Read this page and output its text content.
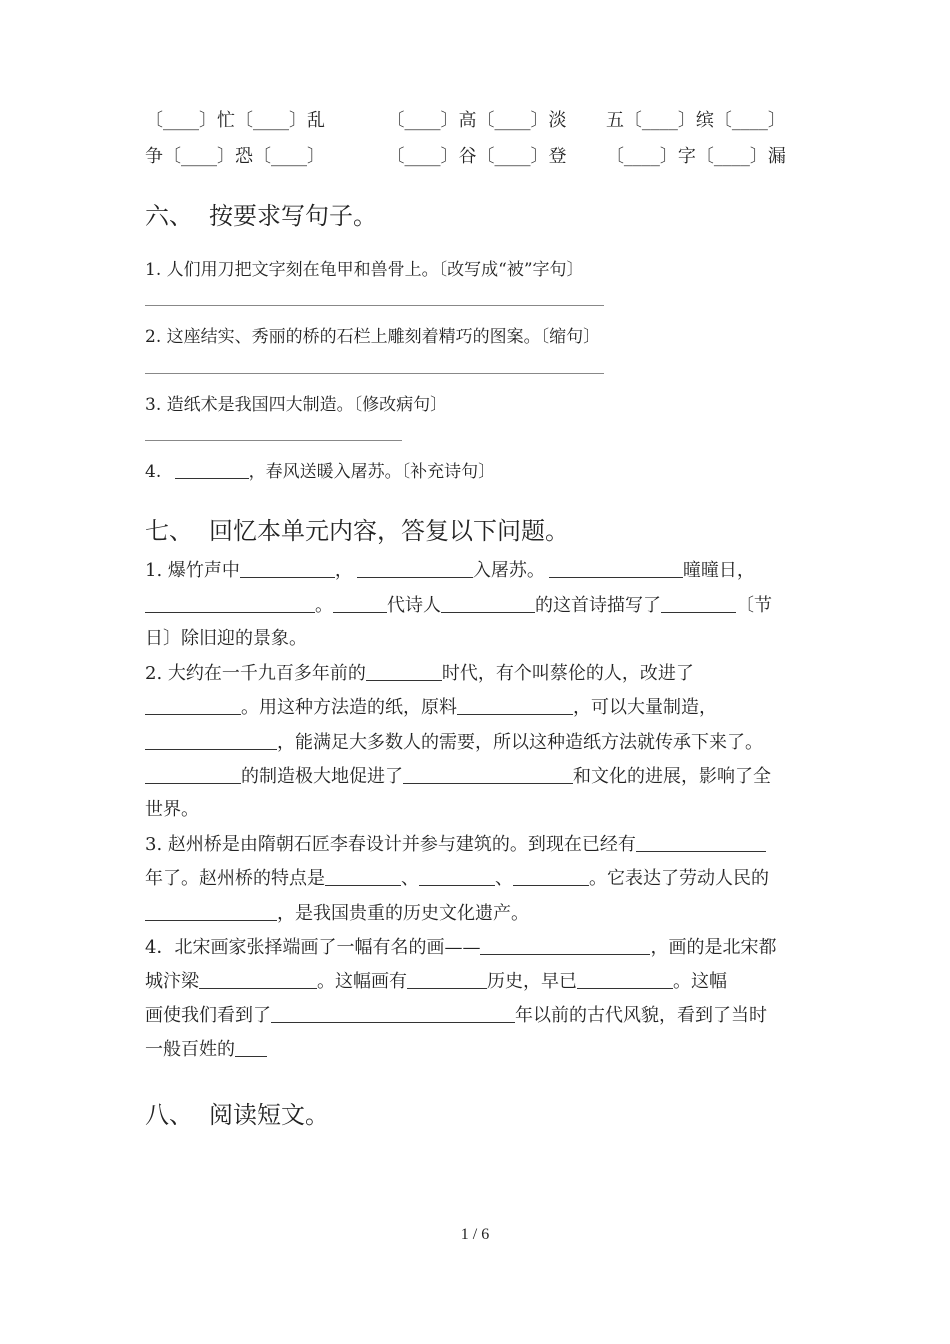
〔____〕忙〔____〕乱	〔____〕高〔____〕淡 五〔____〕缤〔____〕
争〔____〕恐〔____〕	〔____〕谷〔____〕登 〔____〕字〔____〕漏
六、 按要求写句子。
1. 人们用刀把文字刻在龟甲和兽骨上。〔改写成“被”字句〕
2. 这座结实、秀丽的桥的石栏上雕刻着精巧的图案。〔缩句〕
3. 造纸术是我国四大制造。〔修改病句〕
4.	，春风送暖入屠苏。〔补充诗句〕
七、 回忆本单元内容，答复以下问题。
1. 爆竹声中	，	入屠苏。	曈曈日，
。	代诗人	的这首诗描写了	〔节
日〕除旧迎的景象。
2. 大约在一千九百多年前的	时代，有个叫蔡伦的人，改进了
。用这种方法造的纸，原料	，可以大量制造，
，能满足大多数人的需要，所以这种造纸方法就传承下来了。
的制造极大地促进了	和文化的进展，影响了全
世界。
3. 赵州桥是由隋朝石匠李春设计并参与建筑的。到现在已经有
年了。赵州桥的特点是	、	、	。它表达了劳动人民的
，是我国贵重的历史文化遗产。
4．北宋画家张择端画了一幅有名的画——	，画的是北宋都
城汴梁	。这幅画有	历史，早已	。这幅
画使我们看到了	年以前的古代风貌，看到了当时
一般百姓的
八、 阅读短文。
1 / 6
